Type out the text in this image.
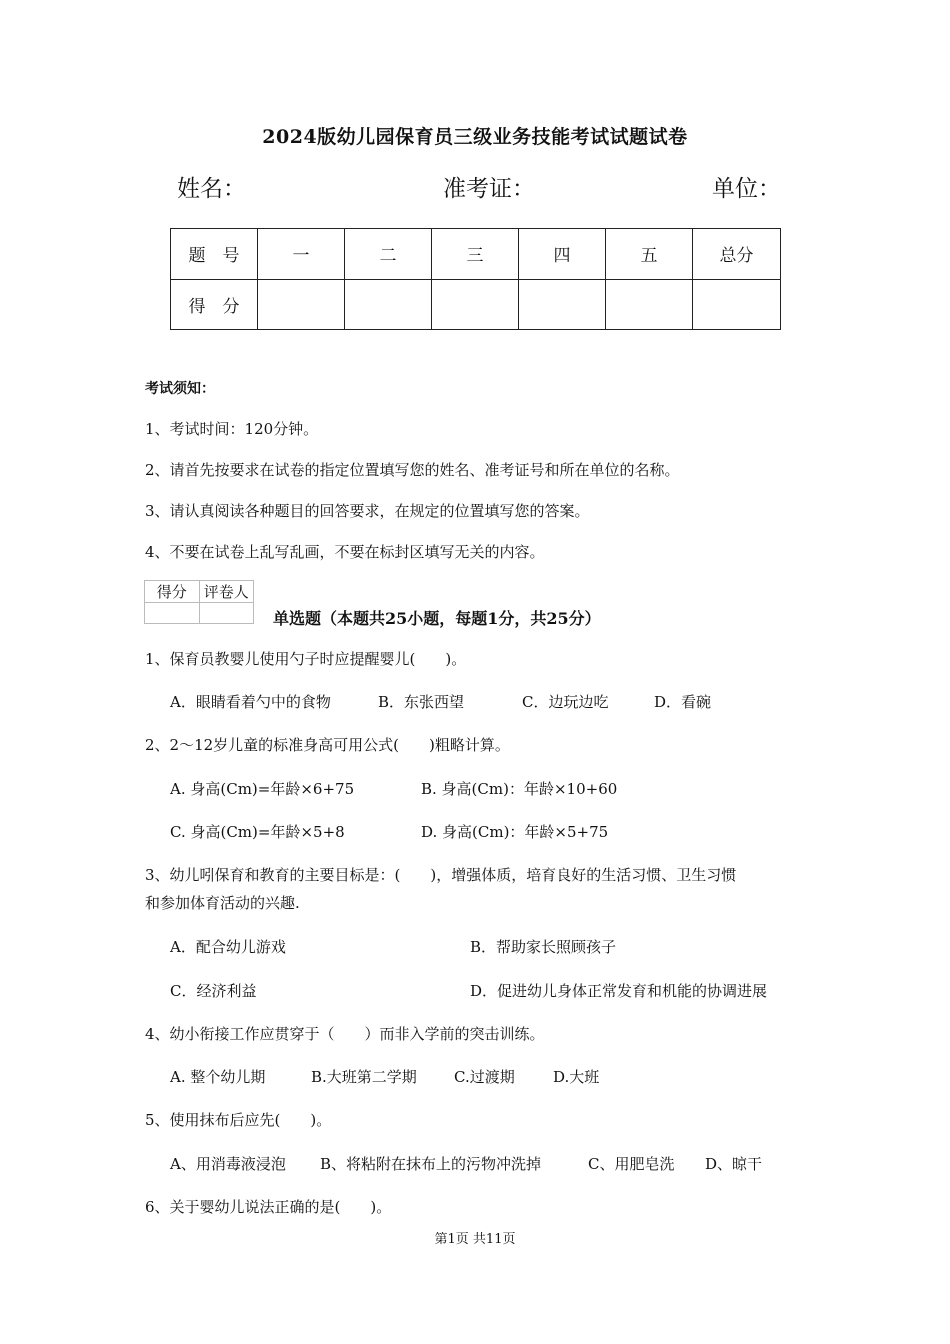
2024版幼儿园保育员三级业务技能考试试题试卷
姓名：	准考证：	单位：
题　号	一	二	三	四	五	总分
得　分						
考试须知：
1、考试时间：120分钟。
2、请首先按要求在试卷的指定位置填写您的姓名、准考证号和所在单位的名称。
3、请认真阅读各种题目的回答要求，在规定的位置填写您的答案。
4、不要在试卷上乱写乱画，不要在标封区填写无关的内容。
得分	评卷人

单选题（本题共25小题，每题1分，共25分）
1、保育员教婴儿使用勺子时应提醒婴儿(　　)。
A．眼睛看着勺中的食物	B．东张西望	C．边玩边吃	D．看碗
2、2～12岁儿童的标准身高可用公式(　　)粗略计算。
A. 身高(Cm)=年龄×6+75	B. 身高(Cm)：年龄×10+60
C. 身高(Cm)=年龄×5+8	D. 身高(Cm)：年龄×5+75
3、幼儿吲保育和教育的主要目标是：(　　)，增强体质，培育良好的生活习惯、卫生习惯
和参加体育活动的兴趣.
A．配合幼儿游戏	B．帮助家长照顾孩子
C．经济利益	D．促进幼儿身体正常发育和机能的协调进展
4、幼小衔接工作应贯穿于（　　）而非入学前的突击训练。
A. 整个幼儿期	B.大班第二学期 C.过渡期	D.大班
5、使用抹布后应先(　　)。
A、用消毒液浸泡 B、将粘附在抹布上的污物冲洗掉	C、用肥皂洗 D、晾干
6、关于婴幼儿说法正确的是(　　)。
第1页 共11页
